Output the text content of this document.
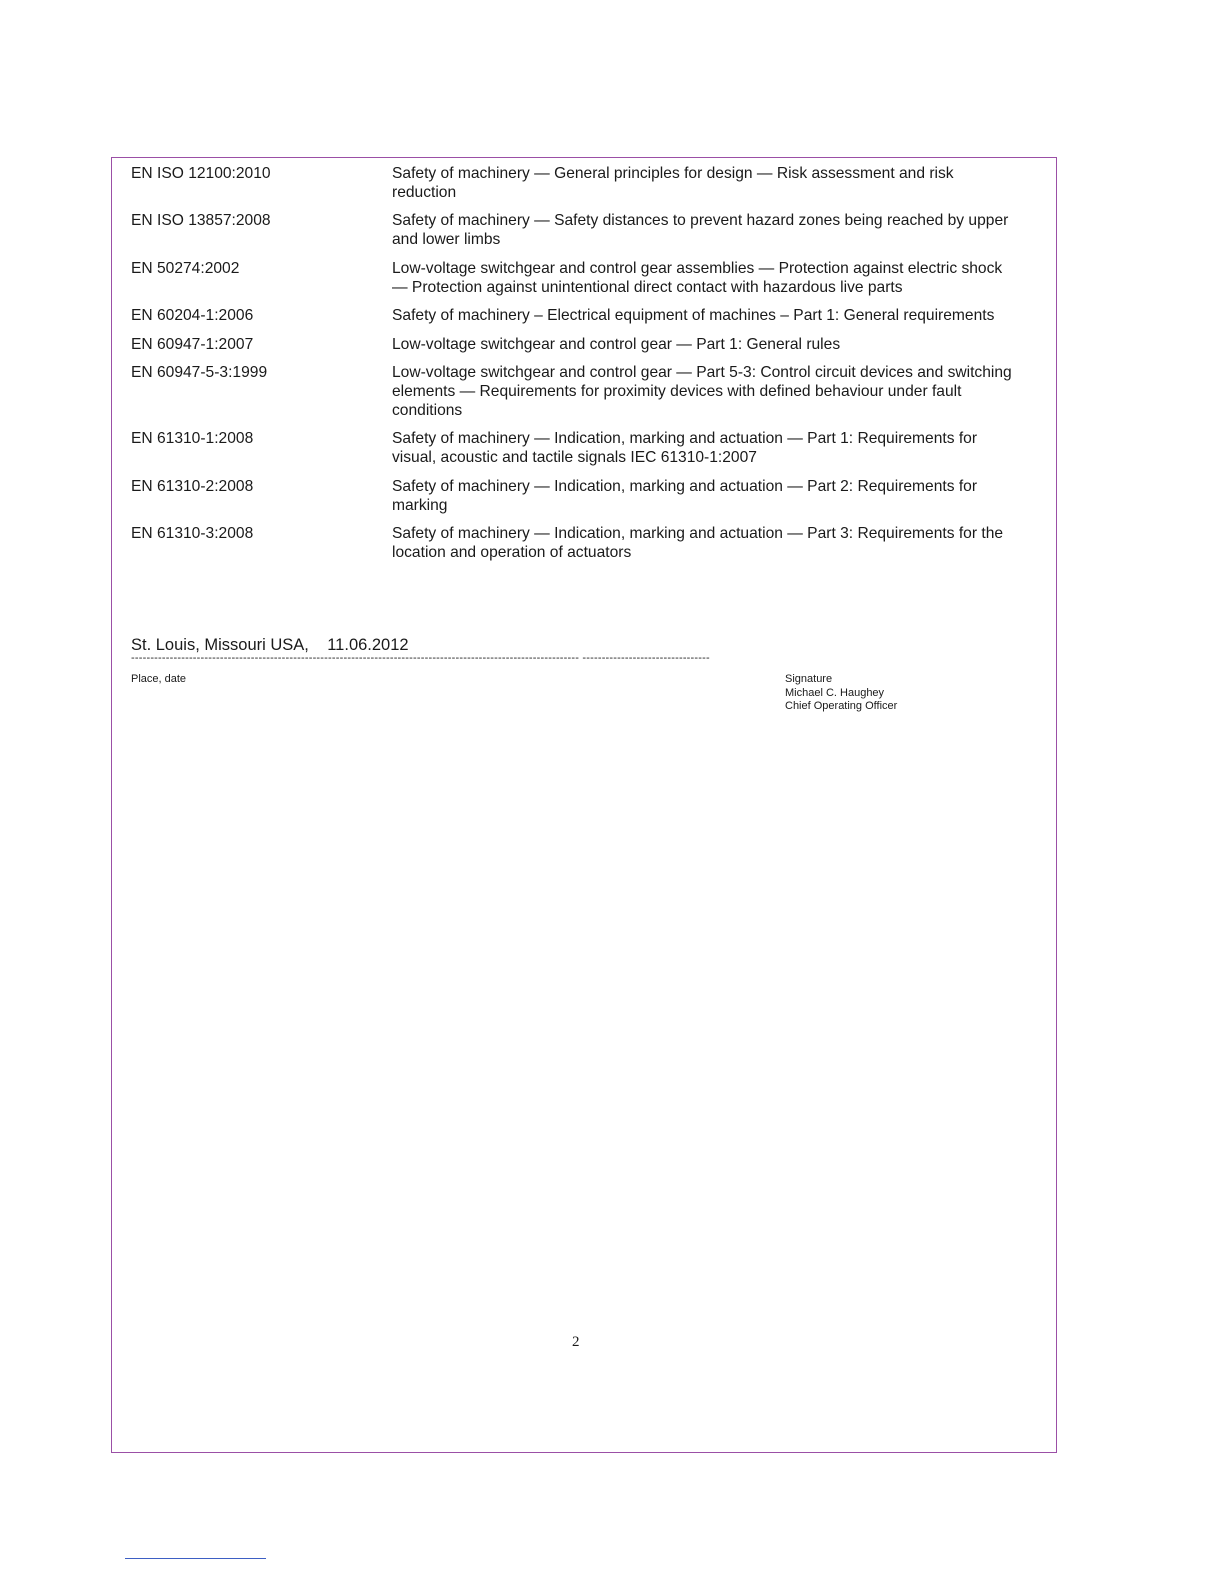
EN ISO 12100:2010	Safety of machinery — General principles for design — Risk assessment and risk reduction
EN ISO 13857:2008	Safety of machinery — Safety distances to prevent hazard zones being reached by upper and lower limbs
EN 50274:2002	Low-voltage switchgear and control gear assemblies — Protection against electric shock — Protection against unintentional direct contact with hazardous live parts
EN 60204-1:2006	Safety of machinery – Electrical equipment of machines – Part 1: General requirements
EN 60947-1:2007	Low-voltage switchgear and control gear — Part 1: General rules
EN 60947-5-3:1999	Low-voltage switchgear and control gear — Part 5-3: Control circuit devices and switching elements — Requirements for proximity devices with defined behaviour under fault conditions
EN 61310-1:2008	Safety of machinery — Indication, marking and actuation — Part 1: Requirements for visual, acoustic and tactile signals IEC 61310-1:2007
EN 61310-2:2008	Safety of machinery — Indication, marking and actuation — Part 2: Requirements for marking
EN 61310-3:2008	Safety of machinery — Indication, marking and actuation — Part 3: Requirements for the location and operation of actuators
St. Louis, Missouri USA, 11.06.2012
-------------------------------------------------------------------------------------------------------------------- ---------------------------------
Place, date	Signature
Michael C. Haughey
Chief Operating Officer
2
